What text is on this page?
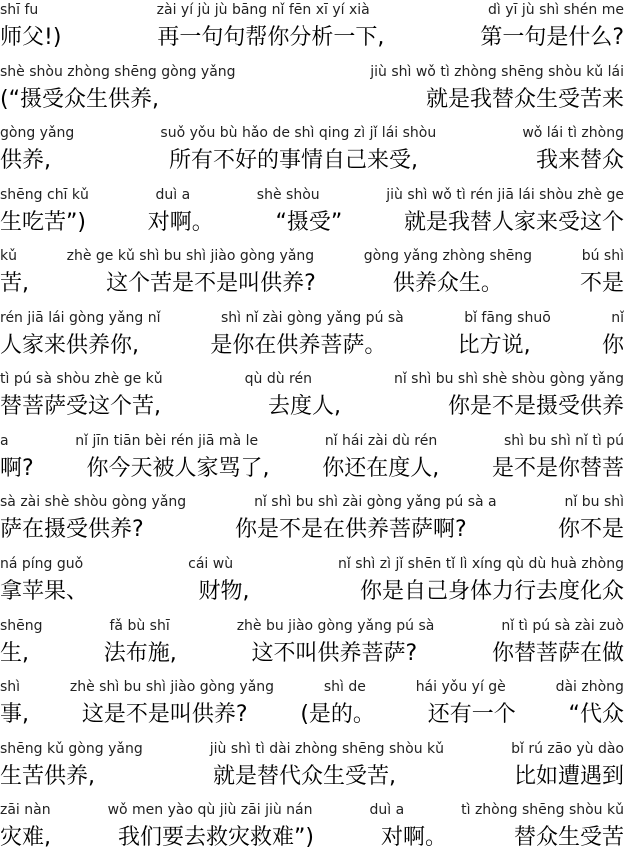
shī fu	zài yí jù jù bāng nǐ fēn xī yí xià	dì yī jù shì shén me
师父!)	再一句句帮你分析一下,	第一句是什么?
shè shòu zhòng shēng gòng yǎng	jiù shì wǒ tì zhòng shēng shòu kǔ lái
(“摄受众生供养,	就是我替众生受苦来
gòng yǎng	suǒ yǒu bù hǎo de shì qing zì jǐ lái shòu	wǒ lái tì zhòng
供养,	所有不好的事情自己来受,	我来替众
shēng chī kǔ	duì a	shè shòu	jiù shì wǒ tì rén jiā lái shòu zhè ge
生吃苦”)	对啊。	“摄受”	就是我替人家来受这个
kǔ	zhè ge kǔ shì bu shì jiào gòng yǎng	gòng yǎng zhòng shēng	bú shì
苦,	这个苦是不是叫供养?	供养众生。	不是
rén jiā lái gòng yǎng nǐ	shì nǐ zài gòng yǎng pú sà	bǐ fāng shuō	nǐ
人家来供养你,	是你在供养菩萨。	比方说,	你
tì pú sà shòu zhè ge kǔ	qù dù rén	nǐ shì bu shì shè shòu gòng yǎng
替菩萨受这个苦,	去度人,	你是不是摄受供养
a	nǐ jīn tiān bèi rén jiā mà le	nǐ hái zài dù rén	shì bu shì nǐ tì pú
啊? 你今天被人家骂了, 你还在度人, 是不是你替菩
sà zài shè shòu gòng yǎng	nǐ shì bu shì zài gòng yǎng pú sà a	nǐ bu shì
萨在摄受供养?	你是不是在供养菩萨啊?	你不是
ná píng guǒ	cái wù	nǐ shì zì jǐ shēn tǐ lì xíng qù dù huà zhòng
拿苹果、	财物,	你是自己身体力行去度化众
shēng	fǎ bù shī	zhè bu jiào gòng yǎng pú sà	nǐ tì pú sà zài zuò
生,	法布施,	这不叫供养菩萨?	你替菩萨在做
shì	zhè shì bu shì jiào gòng yǎng	shì de	hái yǒu yí gè	dài zhòng
事, 这是不是叫供养? (是的。 还有一个 “代众
shēng kǔ gòng yǎng	jiù shì tì dài zhòng shēng shòu kǔ	bǐ rú zāo yù dào
生苦供养,	就是替代众生受苦,	比如遭遇到
zāi nàn	wǒ men yào qù jiù zāi jiù nán	duì a	tì zhòng shēng shòu kǔ
灾难,	我们要去救灾救难”)	对啊。	替众生受苦
